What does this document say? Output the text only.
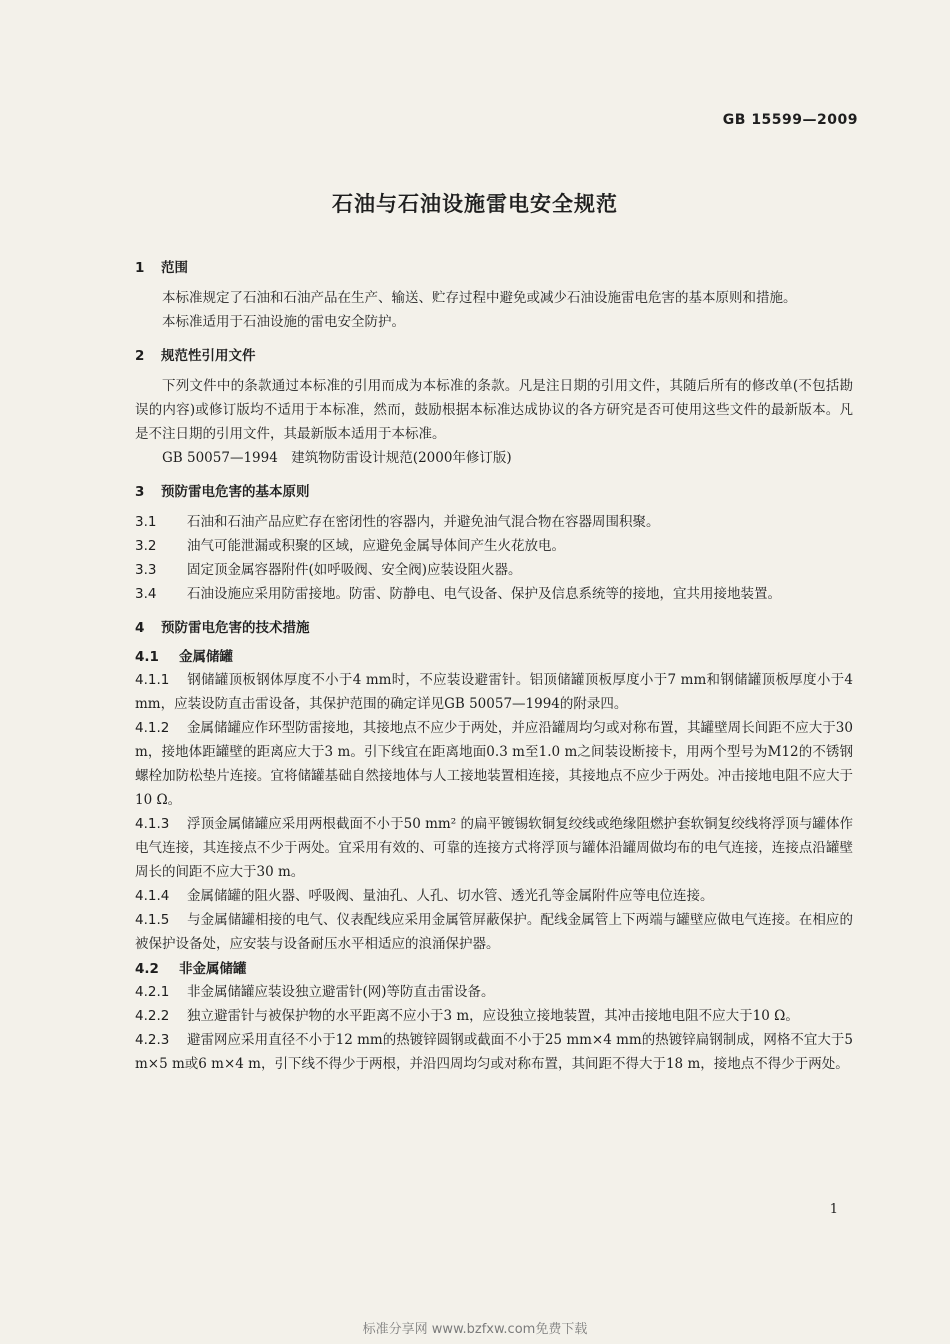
GB 15599—2009
石油与石油设施雷电安全规范
1 范围

本标准规定了石油和石油产品在生产、输送、贮存过程中避免或减少石油设施雷电危害的基本原则和措施。

本标准适用于石油设施的雷电安全防护。

2 规范性引用文件

下列文件中的条款通过本标准的引用而成为本标准的条款。凡是注日期的引用文件，其随后所有的修改单(不包括勘误的内容)或修订版均不适用于本标准，然而，鼓励根据本标准达成协议的各方研究是否可使用这些文件的最新版本。凡是不注日期的引用文件，其最新版本适用于本标准。

GB 50057—1994　建筑物防雷设计规范(2000年修订版)

3 预防雷电危害的基本原则

3.1 石油和石油产品应贮存在密闭性的容器内，并避免油气混合物在容器周围积聚。

3.2 油气可能泄漏或积聚的区域，应避免金属导体间产生火花放电。

3.3 固定顶金属容器附件(如呼吸阀、安全阀)应装设阻火器。

3.4 石油设施应采用防雷接地。防雷、防静电、电气设备、保护及信息系统等的接地，宜共用接地装置。

4 预防雷电危害的技术措施
4.1 金属储罐

4.1.1 钢储罐顶板钢体厚度不小于4 mm时，不应装设避雷针。铝顶储罐顶板厚度小于7 mm和钢储罐顶板厚度小于4 mm，应装设防直击雷设备，其保护范围的确定详见GB 50057—1994的附录四。

4.1.2 金属储罐应作环型防雷接地，其接地点不应少于两处，并应沿罐周均匀或对称布置，其罐壁周长间距不应大于30 m，接地体距罐壁的距离应大于3 m。引下线宜在距离地面0.3 m至1.0 m之间装设断接卡，用两个型号为M12的不锈钢螺栓加防松垫片连接。宜将储罐基础自然接地体与人工接地装置相连接，其接地点不应少于两处。冲击接地电阻不应大于10 Ω。

4.1.3 浮顶金属储罐应采用两根截面不小于50 mm² 的扁平镀锡软铜复绞线或绝缘阻燃护套软铜复绞线将浮顶与罐体作电气连接，其连接点不少于两处。宜采用有效的、可靠的连接方式将浮顶与罐体沿罐周做均布的电气连接，连接点沿罐壁周长的间距不应大于30 m。

4.1.4 金属储罐的阻火器、呼吸阀、量油孔、人孔、切水管、透光孔等金属附件应等电位连接。

4.1.5 与金属储罐相接的电气、仪表配线应采用金属管屏蔽保护。配线金属管上下两端与罐壁应做电气连接。在相应的被保护设备处，应安装与设备耐压水平相适应的浪涌保护器。

4.2 非金属储罐

4.2.1 非金属储罐应装设独立避雷针(网)等防直击雷设备。

4.2.2 独立避雷针与被保护物的水平距离不应小于3 m，应设独立接地装置，其冲击接地电阻不应大于10 Ω。

4.2.3 避雷网应采用直径不小于12 mm的热镀锌圆钢或截面不小于25 mm×4 mm的热镀锌扁钢制成，网格不宜大于5 m×5 m或6 m×4 m，引下线不得少于两根，并沿四周均匀或对称布置，其间距不得大于18 m，接地点不得少于两处。

1
标准分享网 www.bzfxw.com免费下载
